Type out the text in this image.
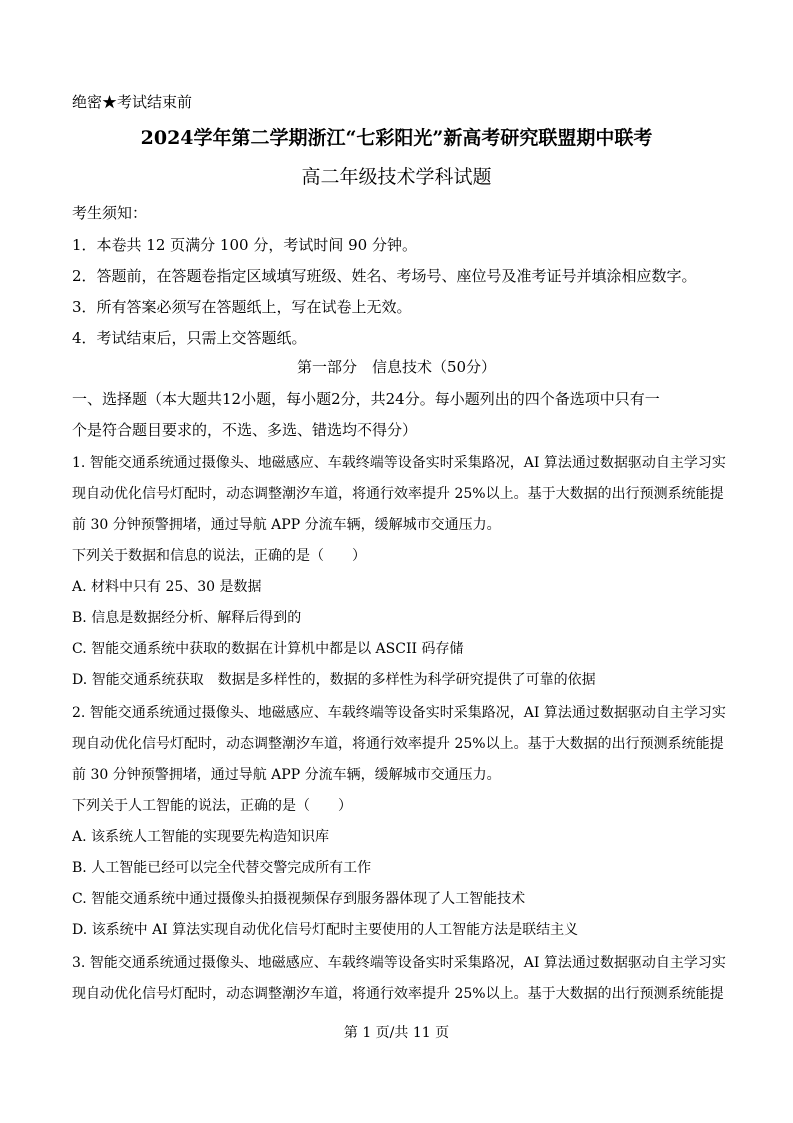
绝密★考试结束前
2024学年第二学期浙江“七彩阳光”新高考研究联盟期中联考
高二年级技术学科试题
考生须知：
1．本卷共 12 页满分 100 分，考试时间 90 分钟。
2．答题前，在答题卷指定区域填写班级、姓名、考场号、座位号及准考证号并填涂相应数字。
3．所有答案必须写在答题纸上，写在试卷上无效。
4．考试结束后，只需上交答题纸。
第一部分　信息技术（50分）
一、选择题（本大题共12小题，每小题2分，共24分。每小题列出的四个备选项中只有一
个是符合题目要求的，不选、多选、错选均不得分）
1. 智能交通系统通过摄像头、地磁感应、车载终端等设备实时采集路况，AI 算法通过数据驱动自主学习实
现自动优化信号灯配时，动态调整潮汐车道，将通行效率提升 25%以上。基于大数据的出行预测系统能提
前 30 分钟预警拥堵，通过导航 APP 分流车辆，缓解城市交通压力。
下列关于数据和信息的说法，正确的是（　　）
A. 材料中只有 25、30 是数据
B. 信息是数据经分析、解释后得到的
C. 智能交通系统中获取的数据在计算机中都是以 ASCII 码存储
D. 智能交通系统获取　数据是多样性的，数据的多样性为科学研究提供了可靠的依据
2. 智能交通系统通过摄像头、地磁感应、车载终端等设备实时采集路况，AI 算法通过数据驱动自主学习实
现自动优化信号灯配时，动态调整潮汐车道，将通行效率提升 25%以上。基于大数据的出行预测系统能提
前 30 分钟预警拥堵，通过导航 APP 分流车辆，缓解城市交通压力。
下列关于人工智能的说法，正确的是（　　）
A. 该系统人工智能的实现要先构造知识库
B. 人工智能已经可以完全代替交警完成所有工作
C. 智能交通系统中通过摄像头拍摄视频保存到服务器体现了人工智能技术
D. 该系统中 AI 算法实现自动优化信号灯配时主要使用的人工智能方法是联结主义
3. 智能交通系统通过摄像头、地磁感应、车载终端等设备实时采集路况，AI 算法通过数据驱动自主学习实
现自动优化信号灯配时，动态调整潮汐车道，将通行效率提升 25%以上。基于大数据的出行预测系统能提
第 1 页/共 11 页
